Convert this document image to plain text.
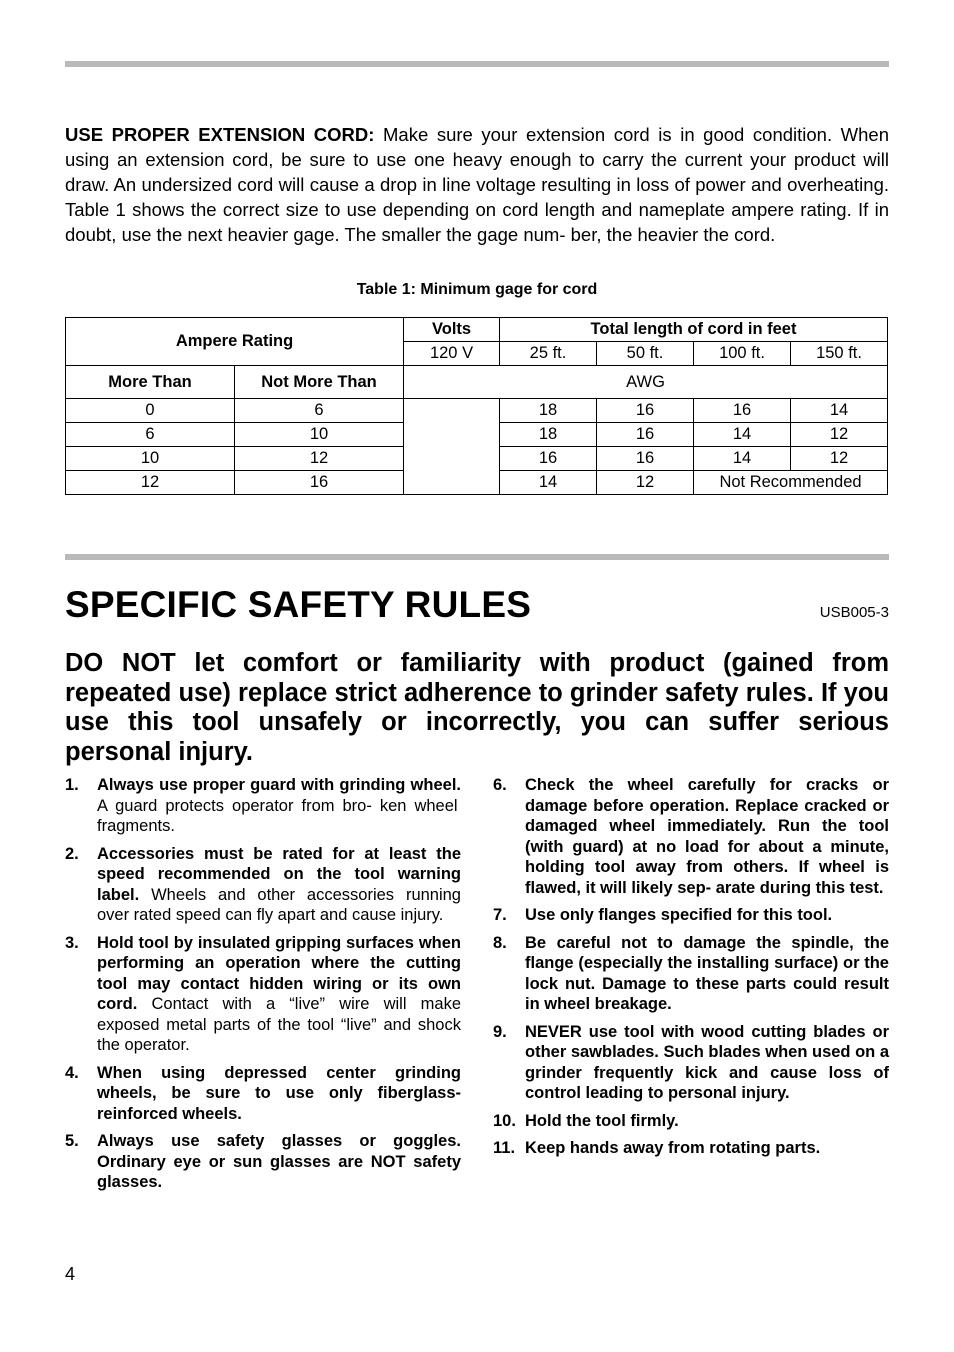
USE PROPER EXTENSION CORD: Make sure your extension cord is in good condition. When using an extension cord, be sure to use one heavy enough to carry the current your product will draw. An undersized cord will cause a drop in line voltage resulting in loss of power and overheating. Table 1 shows the correct size to use depending on cord length and nameplate ampere rating. If in doubt, use the next heavier gage. The smaller the gage num- ber, the heavier the cord.

Table 1: Minimum gage for cord
Ampere Rating		Volts	Total length of cord in feet			
		120 V	25 ft.	50 ft.	100 ft.	150 ft.
More Than	Not More Than	AWG				
0	6		18	16	16	14
6	10		18	16	14	12
10	12		16	16	14	12
12	16		14	12	Not Recommended	
SPECIFIC SAFETY RULES	USB005-3

DO NOT let comfort or familiarity with product (gained from repeated use) replace strict adherence to grinder safety rules. If you use this tool unsafely or incorrectly, you can suffer serious personal injury.

1. Always use proper guard with grinding wheel. A guard protects operator from bro- ken wheel fragments.
2. Accessories must be rated for at least the speed recommended on the tool warning label. Wheels and other accessories running over rated speed can fly apart and cause injury.
3. Hold tool by insulated gripping surfaces when performing an operation where the cutting tool may contact hidden wiring or its own cord. Contact with a “live” wire will make exposed metal parts of the tool “live” and shock the operator.
4. When using depressed center grinding wheels, be sure to use only fiberglass- reinforced wheels.
5. Always use safety glasses or goggles. Ordinary eye or sun glasses are NOT safety glasses.
6. Check the wheel carefully for cracks or damage before operation. Replace cracked or damaged wheel immediately. Run the tool (with guard) at no load for about a minute, holding tool away from others. If wheel is flawed, it will likely sep- arate during this test.
7. Use only flanges specified for this tool.
8. Be careful not to damage the spindle, the flange (especially the installing surface) or the lock nut. Damage to these parts could result in wheel breakage.
9. NEVER use tool with wood cutting blades or other sawblades. Such blades when used on a grinder frequently kick and cause loss of control leading to personal injury.
10. Hold the tool firmly.
11. Keep hands away from rotating parts.
4
